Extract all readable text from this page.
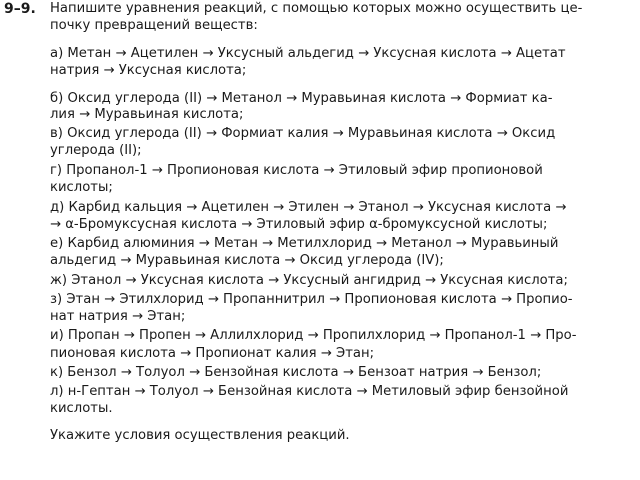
9–9. Напишите уравнения реакций, с помощью которых можно осуществить це-
почку превращений веществ:
а) Метан → Ацетилен → Уксусный альдегид → Уксусная кислота → Ацетат
натрия → Уксусная кислота;
б) Оксид углерода (II) → Метанол → Муравьиная кислота → Формиат ка-
лия → Муравьиная кислота;
в) Оксид углерода (II) → Формиат калия → Муравьиная кислота → Оксид
углерода (II);
г) Пропанол-1 → Пропионовая кислота → Этиловый эфир пропионовой
кислоты;
д) Карбид кальция → Ацетилен → Этилен → Этанол → Уксусная кислота →
→ α-Бромуксусная кислота → Этиловый эфир α-бромуксусной кислоты;
е) Карбид алюминия → Метан → Метилхлорид → Метанол → Муравьиный
альдегид → Муравьиная кислота → Оксид углерода (IV);
ж) Этанол → Уксусная кислота → Уксусный ангидрид → Уксусная кислота;
з) Этан → Этилхлорид → Пропаннитрил → Пропионовая кислота → Пропио-
нат натрия → Этан;
и) Пропан → Пропен → Аллилхлорид → Пропилхлорид → Пропанол-1 → Про-
пионовая кислота → Пропионат калия → Этан;
к) Бензол → Толуол → Бензойная кислота → Бензоат натрия → Бензол;
л) н-Гептан → Толуол → Бензойная кислота → Метиловый эфир бензойной
кислоты.
Укажите условия осуществления реакций.
